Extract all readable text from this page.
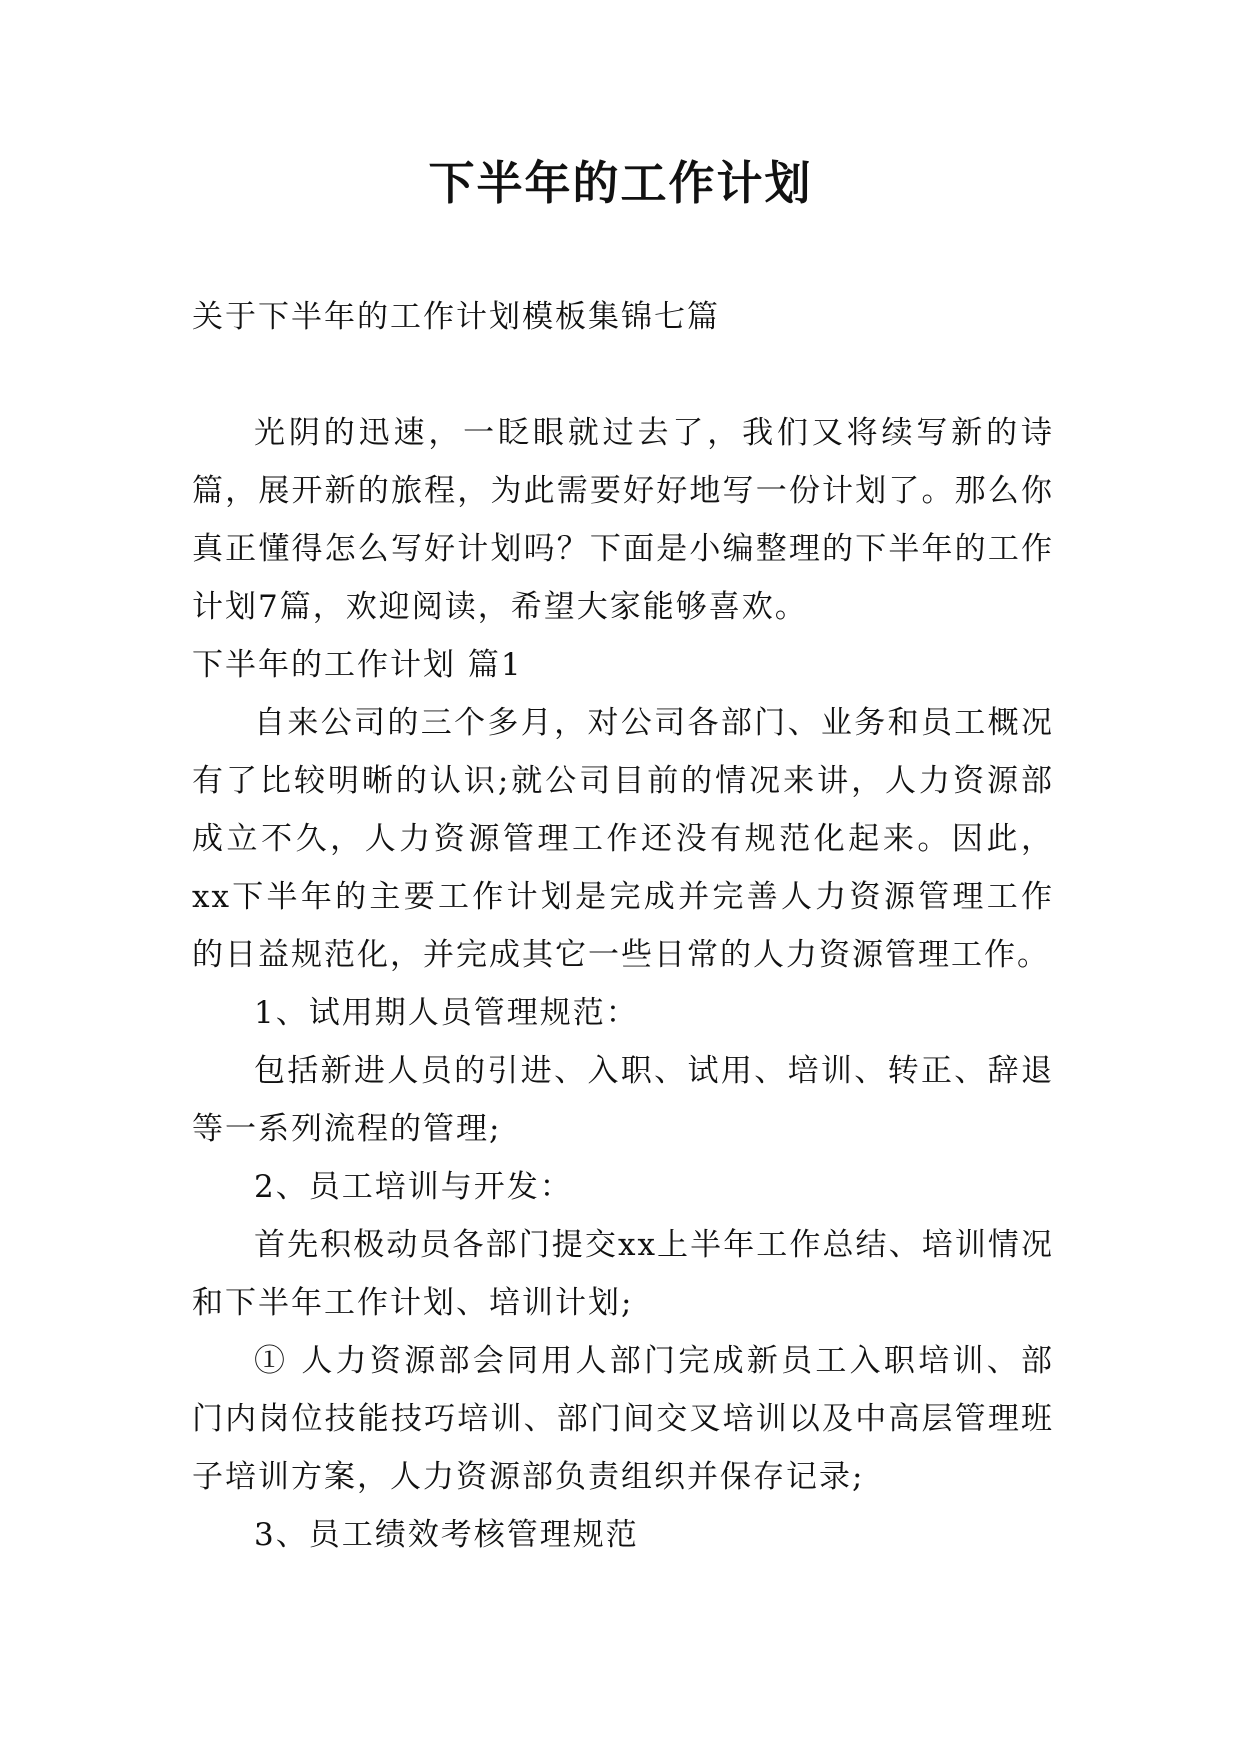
下半年的工作计划

关于下半年的工作计划模板集锦七篇

光阴的迅速，一眨眼就过去了，我们又将续写新的诗篇，展开新的旅程，为此需要好好地写一份计划了。那么你真正懂得怎么写好计划吗？下面是小编整理的下半年的工作计划7篇，欢迎阅读，希望大家能够喜欢。

下半年的工作计划 篇1

自来公司的三个多月，对公司各部门、业务和员工概况有了比较明晰的认识;就公司目前的情况来讲，人力资源部成立不久，人力资源管理工作还没有规范化起来。因此，xx下半年的主要工作计划是完成并完善人力资源管理工作的日益规范化，并完成其它一些日常的人力资源管理工作。

1、试用期人员管理规范：

包括新进人员的引进、入职、试用、培训、转正、辞退等一系列流程的管理;

2、员工培训与开发：

首先积极动员各部门提交xx上半年工作总结、培训情况和下半年工作计划、培训计划;

① 人力资源部会同用人部门完成新员工入职培训、部门内岗位技能技巧培训、部门间交叉培训以及中高层管理班子培训方案，人力资源部负责组织并保存记录;

3、员工绩效考核管理规范
